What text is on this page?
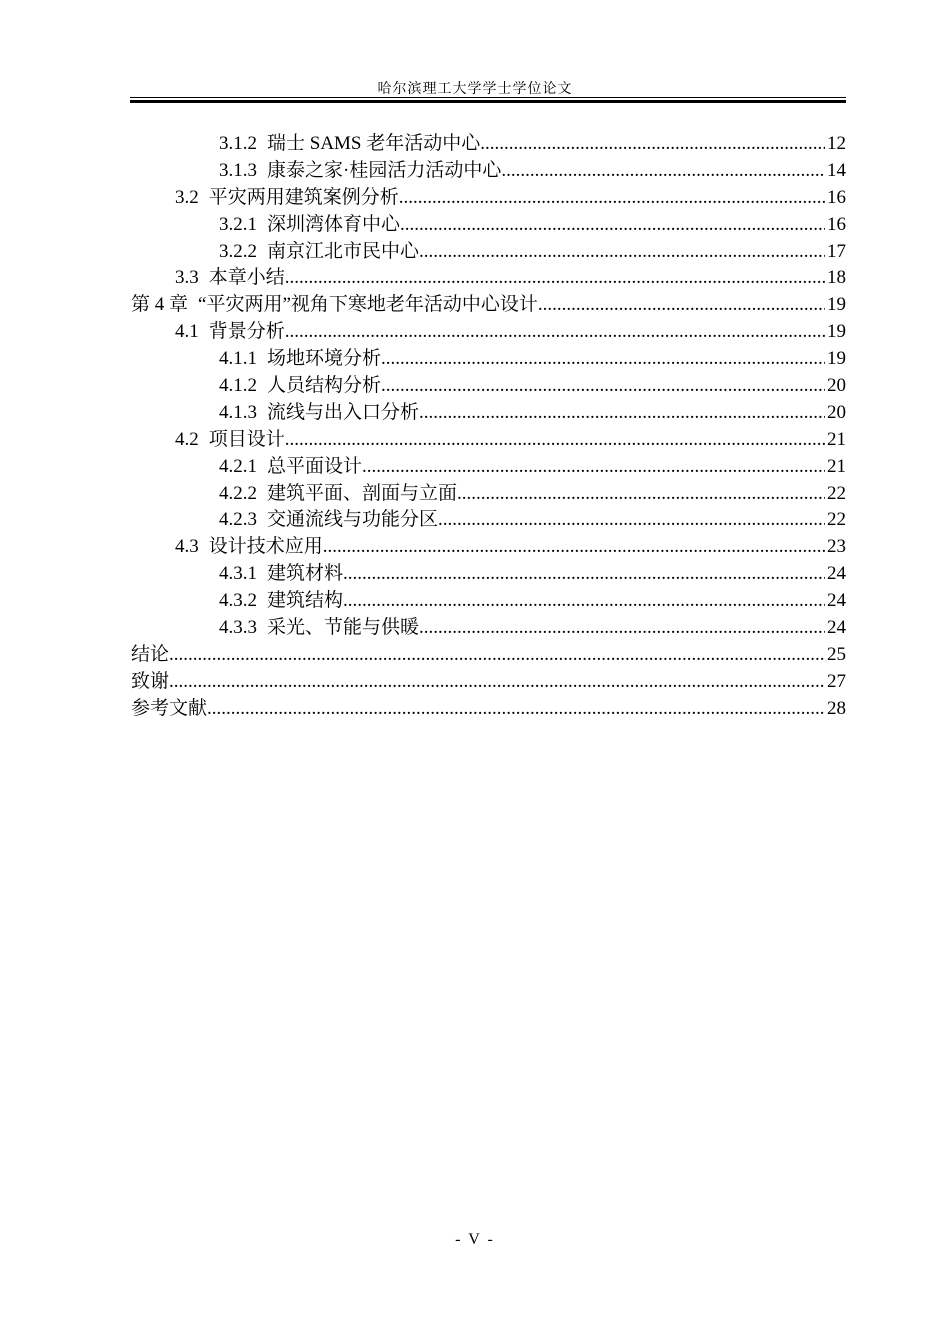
哈尔滨理工大学学士学位论文
3.1.2 瑞士 SAMS 老年活动中心 .....	12
3.1.3 康泰之家·桂园活力活动中心 .....	14
3.2 平灾两用建筑案例分析 .....	16
3.2.1 深圳湾体育中心 .....	16
3.2.2 南京江北市民中心 .....	17
3.3 本章小结 .....	18
第 4 章 “平灾两用”视角下寒地老年活动中心设计 .....	19
4.1 背景分析 .....	19
4.1.1 场地环境分析 .....	19
4.1.2 人员结构分析 .....	20
4.1.3 流线与出入口分析 .....	20
4.2 项目设计 .....	21
4.2.1 总平面设计 .....	21
4.2.2 建筑平面、剖面与立面 .....	22
4.2.3 交通流线与功能分区 .....	22
4.3 设计技术应用 .....	23
4.3.1 建筑材料 .....	24
4.3.2 建筑结构 .....	24
4.3.3 采光、节能与供暖 .....	24
结论 .....	25
致谢 .....	27
参考文献 .....	28
- V -
